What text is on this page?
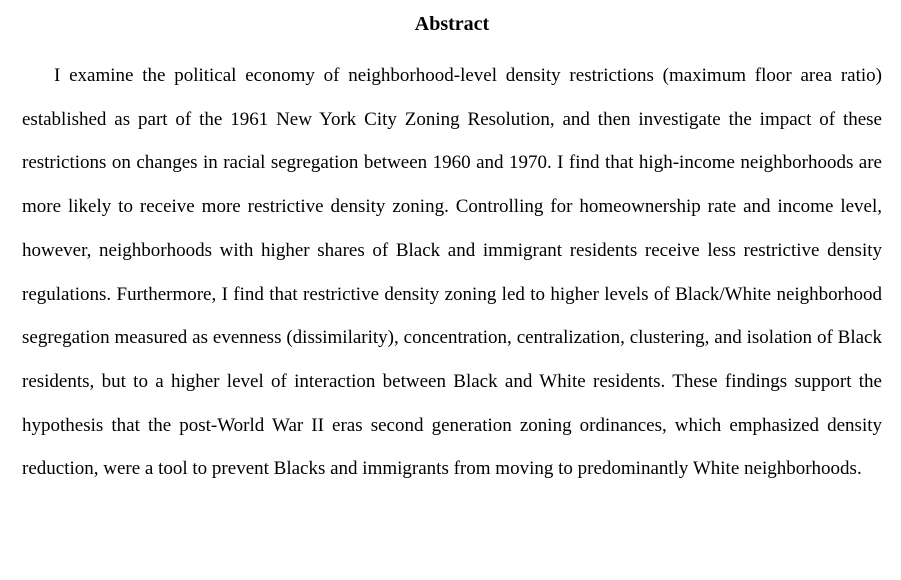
Abstract

I examine the political economy of neighborhood-level density restrictions (maximum floor area ratio) established as part of the 1961 New York City Zoning Resolution, and then investigate the impact of these restrictions on changes in racial segregation between 1960 and 1970. I find that high-income neighborhoods are more likely to receive more restrictive density zoning. Controlling for homeownership rate and income level, however, neighborhoods with higher shares of Black and immigrant residents receive less restrictive density regulations. Furthermore, I find that restrictive density zoning led to higher levels of Black/White neighborhood segregation measured as evenness (dissimilarity), concentration, centralization, clustering, and isolation of Black residents, but to a higher level of interaction between Black and White residents. These findings support the hypothesis that the post-World War II eras second generation zoning ordinances, which emphasized density reduction, were a tool to prevent Blacks and immigrants from moving to predominantly White neighborhoods.
